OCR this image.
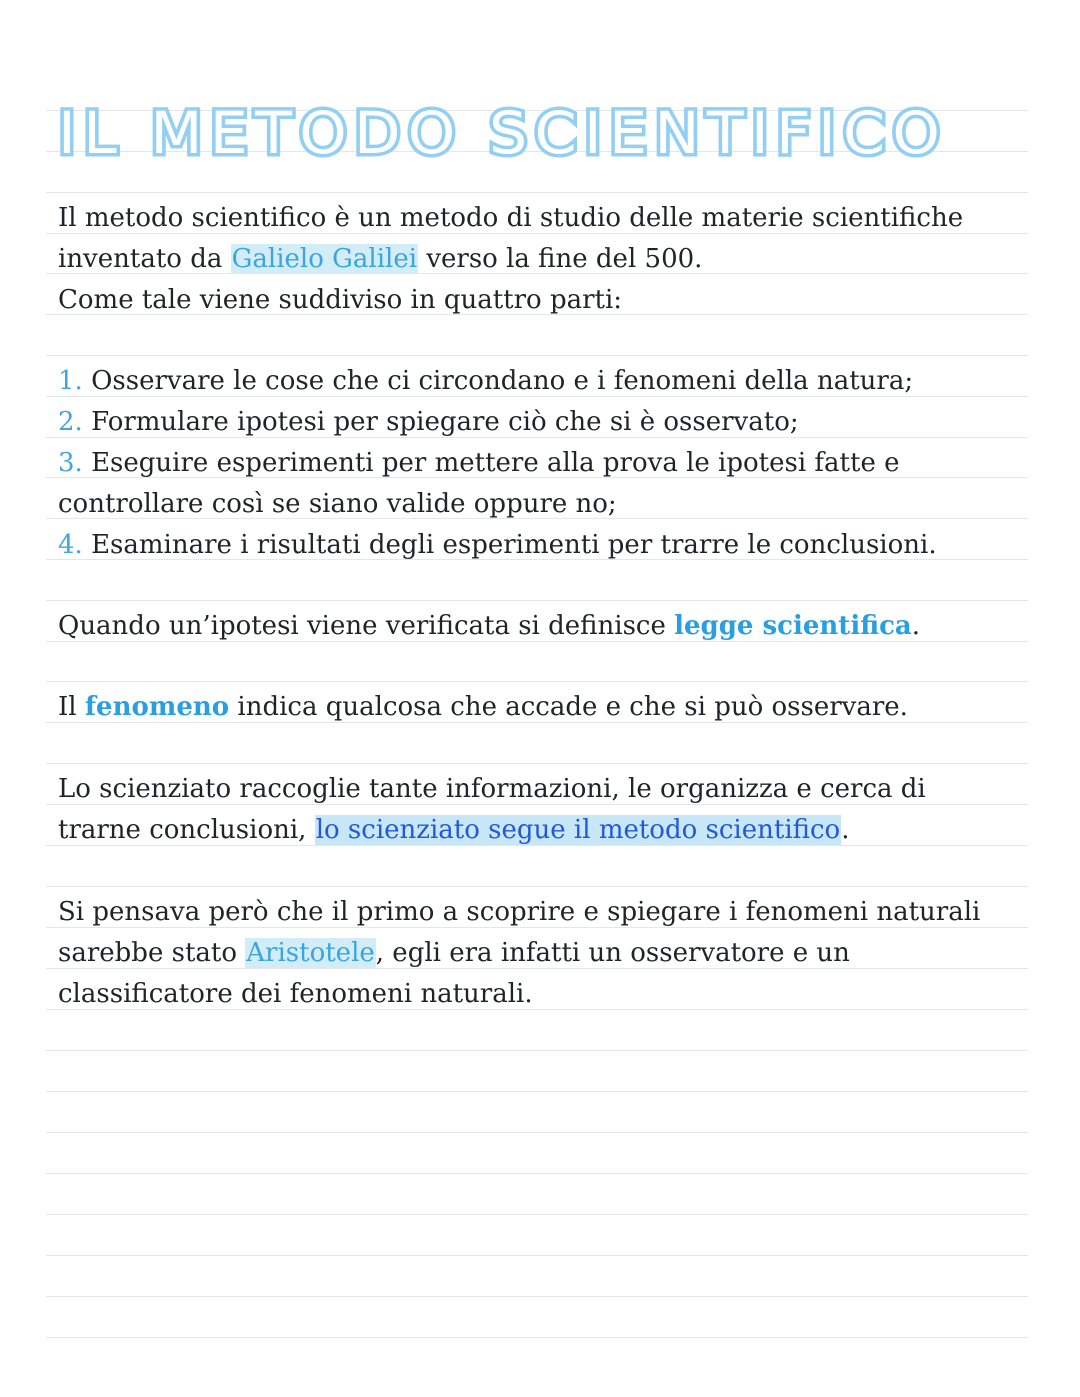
IL METODO SCIENTIFICO

Il metodo scientifico è un metodo di studio delle materie scientifiche

inventato da Galielo Galilei verso la fine del 500.

Come tale viene suddiviso in quattro parti:

1. Osservare le cose che ci circondano e i fenomeni della natura;

2. Formulare ipotesi per spiegare ciò che si è osservato;

3. Eseguire esperimenti per mettere alla prova le ipotesi fatte e

controllare così se siano valide oppure no;

4. Esaminare i risultati degli esperimenti per trarre le conclusioni.

Quando un’ipotesi viene verificata si definisce legge scientifica.

Il fenomeno indica qualcosa che accade e che si può osservare.

Lo scienziato raccoglie tante informazioni, le organizza e cerca di

trarne conclusioni, lo scienziato segue il metodo scientifico.

Si pensava però che il primo a scoprire e spiegare i fenomeni naturali

sarebbe stato Aristotele, egli era infatti un osservatore e un

classificatore dei fenomeni naturali.
